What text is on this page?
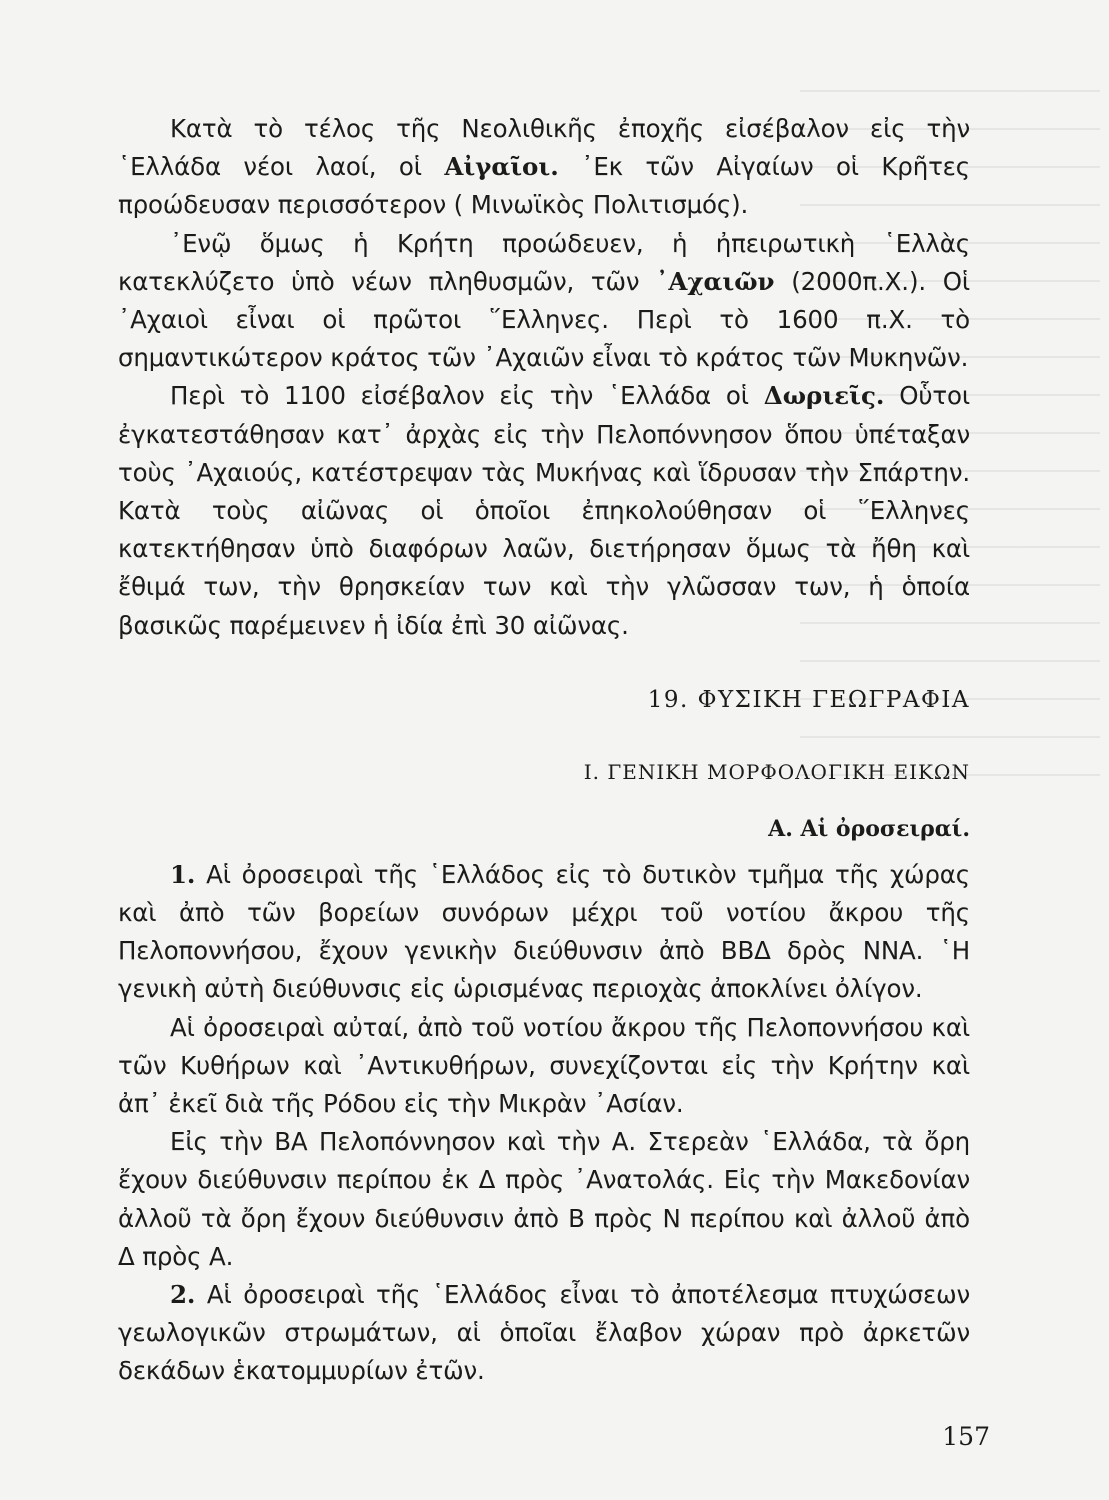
Κατὰ τὸ τέλος τῆς Νεολιθικῆς ἐποχῆς εἰσέβαλον εἰς τὴν ῾Ελλάδα νέοι λαοί, οἱ Αἰγαῖοι. ᾿Εκ τῶν Αἰγαίων οἱ Κρῆτες προώδευσαν περισσότερον ( Μινωϊκὸς Πολιτισμός).

᾿Ενῷ ὅμως ἡ Κρήτη προώδευεν, ἡ ἠπειρωτικὴ ῾Ελλὰς κατεκλύζετο ὑπὸ νέων πληθυσμῶν, τῶν ᾿Αχαιῶν (2000π.Χ.). Οἱ ᾿Αχαιοὶ εἶναι οἱ πρῶτοι ῞Ελληνες. Περὶ τὸ 1600 π.Χ. τὸ σημαντικώτερον κράτος τῶν ᾿Αχαιῶν εἶναι τὸ κράτος τῶν Μυκηνῶν.

Περὶ τὸ 1100 εἰσέβαλον εἰς τὴν ῾Ελλάδα οἱ Δωριεῖς. Οὗτοι ἐγκατεστάθησαν κατ᾿ ἀρχὰς εἰς τὴν Πελοπόννησον ὅπου ὑπέταξαν τοὺς ᾿Αχαιούς, κατέστρεψαν τὰς Μυκήνας καὶ ἵδρυσαν τὴν Σπάρτην. Κατὰ τοὺς αἰῶνας οἱ ὁποῖοι ἐπηκολούθησαν οἱ ῞Ελληνες κατεκτήθησαν ὑπὸ διαφόρων λαῶν, διετήρησαν ὅμως τὰ ἤθη καὶ ἔθιμά των, τὴν θρησκείαν των καὶ τὴν γλῶσσαν των, ἡ ὁποία βασικῶς παρέμεινεν ἡ ἰδία ἐπὶ 30 αἰῶνας.

19. ΦΥΣΙΚΗ ΓΕΩΓΡΑΦΙΑ
Ι. ΓΕΝΙΚΗ ΜΟΡΦΟΛΟΓΙΚΗ ΕΙΚΩΝ
Α. Αἱ ὀροσειραί.

1. Αἱ ὀροσειραὶ τῆς ῾Ελλάδος εἰς τὸ δυτικὸν τμῆμα τῆς χώρας καὶ ἀπὸ τῶν βορείων συνόρων μέχρι τοῦ νοτίου ἄκρου τῆς Πελοποννήσου, ἔχουν γενικὴν διεύθυνσιν ἀπὸ ΒΒΔ δρὸς ΝΝΑ. ῾Η γενικὴ αὐτὴ διεύθυνσις εἰς ὡρισμένας περιοχὰς ἀποκλίνει ὀλίγον.

Αἱ ὀροσειραὶ αὐταί, ἀπὸ τοῦ νοτίου ἄκρου τῆς Πελοποννήσου καὶ τῶν Κυθήρων καὶ ᾿Αντικυθήρων, συνεχίζονται εἰς τὴν Κρήτην καὶ ἀπ᾿ ἐκεῖ διὰ τῆς Ρόδου εἰς τὴν Μικρὰν ᾿Ασίαν.

Εἰς τὴν ΒΑ Πελοπόννησον καὶ τὴν Α. Στερεὰν ῾Ελλάδα, τὰ ὄρη ἔχουν διεύθυνσιν περίπου ἐκ Δ πρὸς ᾿Ανατολάς. Εἰς τὴν Μακεδονίαν ἀλλοῦ τὰ ὄρη ἔχουν διεύθυνσιν ἀπὸ Β πρὸς Ν περίπου καὶ ἀλλοῦ ἀπὸ Δ πρὸς Α.

2. Αἱ ὀροσειραὶ τῆς ῾Ελλάδος εἶναι τὸ ἀποτέλεσμα πτυχώσεων γεωλογικῶν στρωμάτων, αἱ ὁποῖαι ἔλαβον χώραν πρὸ ἀρκετῶν δεκάδων ἑκατομμυρίων ἐτῶν.

157
